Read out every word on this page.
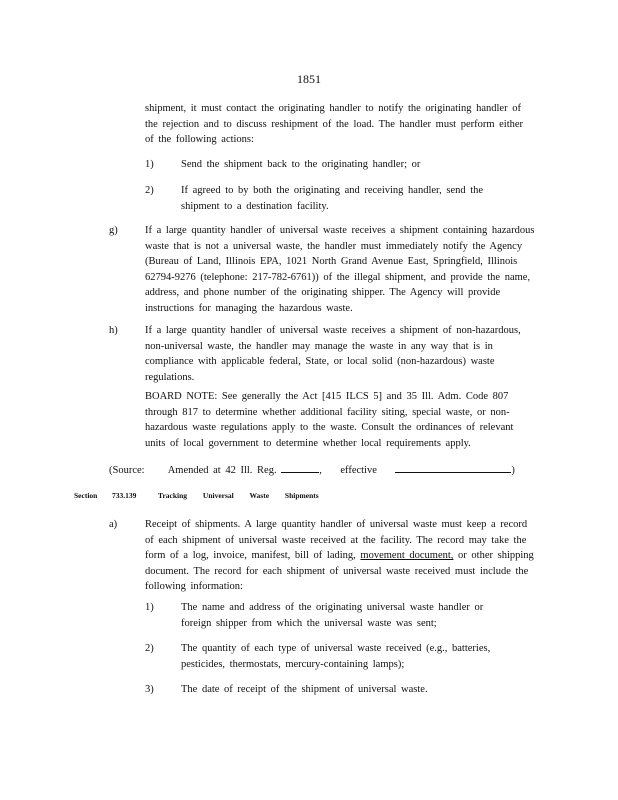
1851
shipment, it must contact the originating handler to notify the originating handler of the rejection and to discuss reshipment of the load. The handler must perform either of the following actions:
1)	Send the shipment back to the originating handler; or
2)	If agreed to by both the originating and receiving handler, send the shipment to a destination facility.
g)	If a large quantity handler of universal waste receives a shipment containing hazardous waste that is not a universal waste, the handler must immediately notify the Agency (Bureau of Land, Illinois EPA, 1021 North Grand Avenue East, Springfield, Illinois 62794-9276 (telephone: 217-782-6761)) of the illegal shipment, and provide the name, address, and phone number of the originating shipper. The Agency will provide instructions for managing the hazardous waste.
h)	If a large quantity handler of universal waste receives a shipment of non-hazardous, non-universal waste, the handler may manage the waste in any way that is in compliance with applicable federal, State, or local solid (non-hazardous) waste regulations.
BOARD NOTE: See generally the Act [415 ILCS 5] and 35 Ill. Adm. Code 807 through 817 to determine whether additional facility siting, special waste, or non-hazardous waste regulations apply to the waste. Consult the ordinances of relevant units of local government to determine whether local requirements apply.
(Source: Amended at 42 Ill. Reg.	, effective	)
Section 733.139	Tracking Universal Waste Shipments
a)	Receipt of shipments. A large quantity handler of universal waste must keep a record of each shipment of universal waste received at the facility. The record may take the form of a log, invoice, manifest, bill of lading, movement document, or other shipping document. The record for each shipment of universal waste received must include the following information:
1)	The name and address of the originating universal waste handler or foreign shipper from which the universal waste was sent;
2)	The quantity of each type of universal waste received (e.g., batteries, pesticides, thermostats, mercury-containing lamps);
3)	The date of receipt of the shipment of universal waste.
